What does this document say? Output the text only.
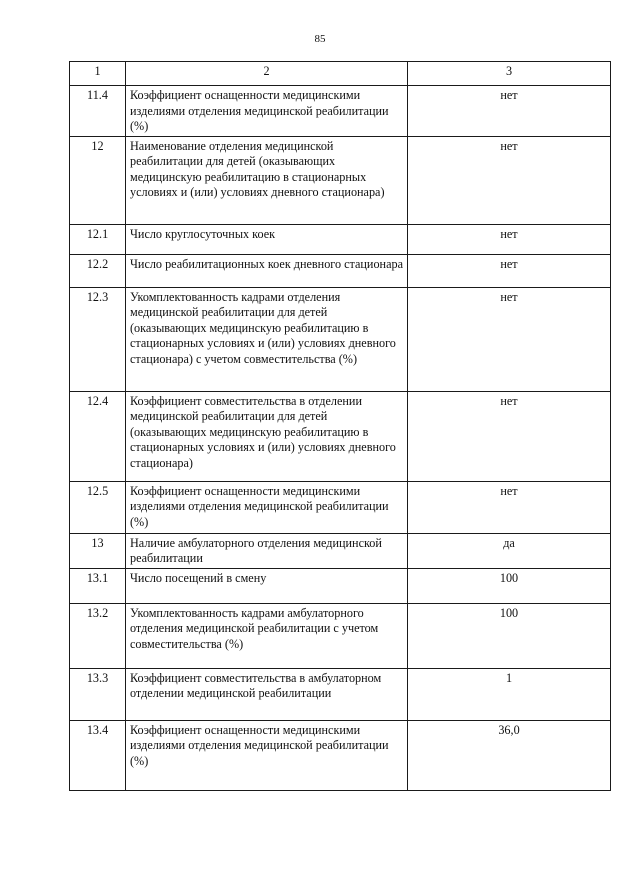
85
1	2	3
11.4	Коэффициент оснащенности медицинскими изделиями отделения медицинской реабилитации (%)	нет
12	Наименование отделения медицинской реабилитации для детей (оказывающих медицинскую реабилитацию в стационарных условиях и (или) условиях дневного стационара)	нет
12.1	Число круглосуточных коек	нет
12.2	Число реабилитационных коек дневного стационара	нет
12.3	Укомплектованность кадрами отделения медицинской реабилитации для детей (оказывающих медицинскую реабилитацию в стационарных условиях и (или) условиях дневного стационара) с учетом совместительства (%)	нет
12.4	Коэффициент совместительства в отделении медицинской реабилитации для детей (оказывающих медицинскую реабилитацию в стационарных условиях и (или) условиях дневного стационара)	нет
12.5	Коэффициент оснащенности медицинскими изделиями отделения медицинской реабилитации (%)	нет
13	Наличие амбулаторного отделения медицинской реабилитации	да
13.1	Число посещений в смену	100
13.2	Укомплектованность кадрами амбулаторного отделения медицинской реабилитации с учетом совместительства (%)	100
13.3	Коэффициент совместительства в амбулаторном отделении медицинской реабилитации	1
13.4	Коэффициент оснащенности медицинскими изделиями отделения медицинской реабилитации (%)	36,0
